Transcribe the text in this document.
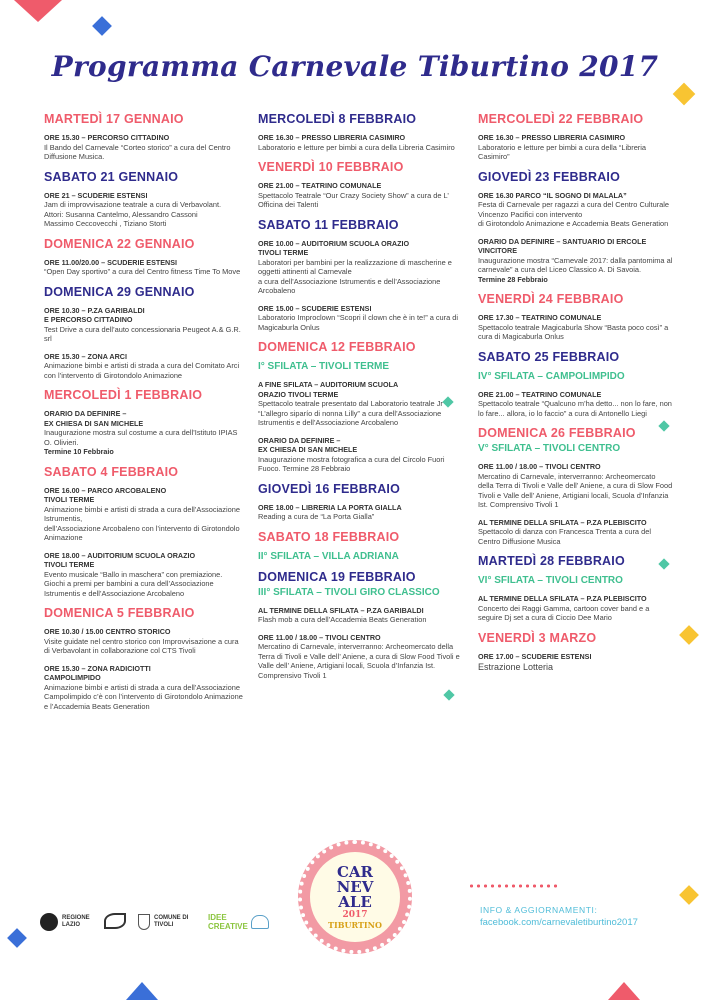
Programma Carnevale Tiburtino 2017
MARTEDÌ 17 GENNAIO
ORE 15.30 – PERCORSO CITTADINO
Il Bando del Carnevale “Corteo storico” a cura del Centro Diffusione Musica.
SABATO 21 GENNAIO
ORE 21 – SCUDERIE ESTENSI
Jam di improvvisazione teatrale a cura di Verbavolant.
Attori: Susanna Cantelmo, Alessandro Cassoni
Massimo Ceccovecchi , Tiziano Storti
DOMENICA 22 GENNAIO
ORE 11.00/20.00 – SCUDERIE ESTENSI
“Open Day sportivo” a cura del Centro fitness Time To Move
DOMENICA 29 GENNAIO
ORE 10.30 – P.ZA GARIBALDI
E PERCORSO CITTADINO
Test Drive a cura dell’auto concessionaria Peugeot A.& G.R. srl
ORE 15.30 – ZONA ARCI
Animazione bimbi e artisti di strada a cura del Comitato Arci con l’intervento di Girotondolo Animazione
MERCOLEDÌ 1 FEBBRAIO
ORARIO DA DEFINIRE –
EX CHIESA DI SAN MICHELE
Inaugurazione mostra sul costume a cura dell’Istituto IPIAS O. Olivieri.
Termine 10 Febbraio
SABATO 4 FEBBRAIO
ORE 16.00 – PARCO ARCOBALENO
TIVOLI TERME
Animazione bimbi e artisti di strada a cura dell’Associazione Istrumentis,
dell’Associazione Arcobaleno con l’intervento di Girotondolo Animazione
ORE 18.00 – AUDITORIUM SCUOLA ORAZIO
TIVOLI TERME
Evento musicale “Ballo in maschera” con premiazione. Giochi a premi per bambini a cura dell’Associazione Istrumentis e dell’Associazione Arcobaleno
DOMENICA 5 FEBBRAIO
ORE 10.30 / 15.00 CENTRO STORICO
Visite guidate nel centro storico con Improvvisazione a cura di Verbavolant in collaborazione col CTS Tivoli
ORE 15.30 – ZONA RADICIOTTI
CAMPOLIMPIDO
Animazione bimbi e artisti di strada a cura dell’Associazione Campolimpido c’è con l’intervento di Girotondolo Animazione e l’Accademia Beats Generation
MERCOLEDÌ 8 FEBBRAIO
ORE 16.30 – PRESSO LIBRERIA CASIMIRO
Laboratorio e letture per bimbi a cura della Libreria Casimiro
VENERDÌ 10 FEBBRAIO
ORE 21.00 – TEATRINO COMUNALE
Spettacolo Teatrale “Our Crazy Society Show” a cura de L’ Officina dei Talenti
SABATO 11 FEBBRAIO
ORE 10.00 – AUDITORIUM SCUOLA ORAZIO
TIVOLI TERME
Laboratori per bambini per la realizzazione di mascherine e oggetti attinenti al Carnevale
a cura dell’Associazione Istrumentis e dell’Associazione Arcobaleno
ORE 15.00 – SCUDERIE ESTENSI
Laboratorio Improclown “Scopri il clown che è in te!” a cura di Magicaburla Onlus
DOMENICA 12 FEBBRAIO
I° SFILATA – TIVOLI TERME
A FINE SFILATA – AUDITORIUM SCUOLA
ORAZIO TIVOLI TERME
Spettacolo teatrale presentato dal Laboratorio teatrale Jr “L’allegro siparío di nonna Lilly” a cura dell’Associazione Istrumentis e dell’Associazione Arcobaleno
ORARIO DA DEFINIRE –
EX CHIESA DI SAN MICHELE
Inaugurazione mostra fotografica a cura del Circolo Fuori Fuoco. Termine 28 Febbraio
GIOVEDÌ 16 FEBBRAIO
ORE 18.00 – LIBRERIA LA PORTA GIALLA
Reading a cura de “La Porta Gialla”
SABATO 18 FEBBRAIO
II° SFILATA – VILLA ADRIANA
DOMENICA 19 FEBBRAIO
III° SFILATA – TIVOLI GIRO CLASSICO
AL TERMINE DELLA SFILATA – P.ZA GARIBALDI
Flash mob a cura dell’Accademia Beats Generation
ORE 11.00 / 18.00 – TIVOLI CENTRO
Mercatino di Carnevale, interverranno: Archeomercato della Terra di Tivoli e Valle dell’ Aniene, a cura di Slow Food Tivoli e Valle dell’ Aniene, Artigiani locali, Scuola d’Infanzia Ist. Comprensivo Tivoli 1
MERCOLEDÌ 22 FEBBRAIO
ORE 16.30 – PRESSO LIBRERIA CASIMIRO
Laboratorio e letture per bimbi a cura della “Libreria Casimiro”
GIOVEDÌ 23 FEBBRAIO
ORE 16.30 PARCO “IL SOGNO DI MALALA”
Festa di Carnevale per ragazzi a cura del Centro Culturale Vincenzo Pacifici con intervento
di Girotondolo Animazione e Accademia Beats Generation
ORARIO DA DEFINIRE – SANTUARIO DI ERCOLE
VINCITORE
Inaugurazione mostra “Carnevale 2017: dalla pantomima al carnevale” a cura del Liceo Classico A. Di Savoia.
Termine 28 Febbraio
VENERDÌ 24 FEBBRAIO
ORE 17.30 – TEATRINO COMUNALE
Spettacolo teatrale Magicaburla Show “Basta poco così” a cura di Magicaburla Onlus
SABATO 25 FEBBRAIO
IV° SFILATA – CAMPOLIMPIDO
ORE 21.00 – TEATRINO COMUNALE
Spettacolo teatrale “Qualcuno m’ha detto... non lo fare, non lo fare... allora, io lo faccio” a cura di Antonello Liegi
DOMENICA 26 FEBBRAIO
V° SFILATA – TIVOLI CENTRO
ORE 11.00 / 18.00 – TIVOLI CENTRO
Mercatino di Carnevale, interverranno: Archeomercato della Terra di Tivoli e Valle dell’ Aniene, a cura di Slow Food Tivoli e Valle dell’ Aniene, Artigiani locali, Scuola d’Infanzia Ist. Comprensivo Tivoli 1
AL TERMINE DELLA SFILATA – P.ZA PLEBISCITO
Spettacolo di danza con Francesca Trenta a cura del Centro Diffusione Musica
MARTEDÌ 28 FEBBRAIO
VI° SFILATA – TIVOLI CENTRO
AL TERMINE DELLA SFILATA – P.ZA PLEBISCITO
Concerto dei Raggi Gamma, cartoon cover band e a seguire Dj set a cura di Ciccio Dee Mario
VENERDÌ 3 MARZO
ORE 17.00 – SCUDERIE ESTENSI
Estrazione Lotteria
REGIONE
LAZIO
COMUNE DI
TIVOLI
IDEE
CREATIVE
CAR
NEV
ALE
2017
TIBURTINO
INFO & AGGIORNAMENTI:
facebook.com/carnevaletiburtino2017
